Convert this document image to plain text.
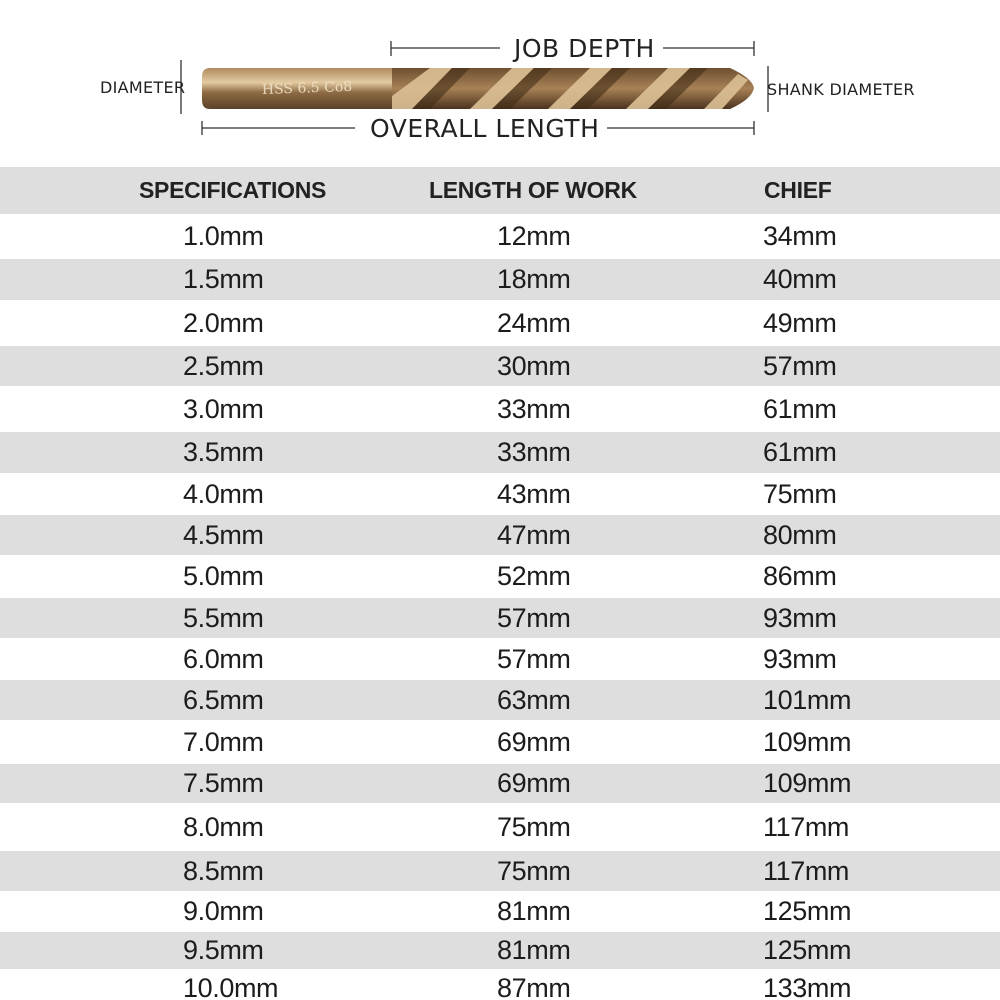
HSS 6.5 Co8
DIAMETER	SHANK DIAMETER
JOB DEPTH
OVERALL LENGTH
SPECIFICATIONS	LENGTH OF WORK	CHIEF
1.0mm	12mm	34mm
1.5mm	18mm	40mm
2.0mm	24mm	49mm
2.5mm	30mm	57mm
3.0mm	33mm	61mm
3.5mm	33mm	61mm
4.0mm	43mm	75mm
4.5mm	47mm	80mm
5.0mm	52mm	86mm
5.5mm	57mm	93mm
6.0mm	57mm	93mm
6.5mm	63mm	101mm
7.0mm	69mm	109mm
7.5mm	69mm	109mm
8.0mm	75mm	117mm
8.5mm	75mm	117mm
9.0mm	81mm	125mm
9.5mm	81mm	125mm
10.0mm	87mm	133mm
